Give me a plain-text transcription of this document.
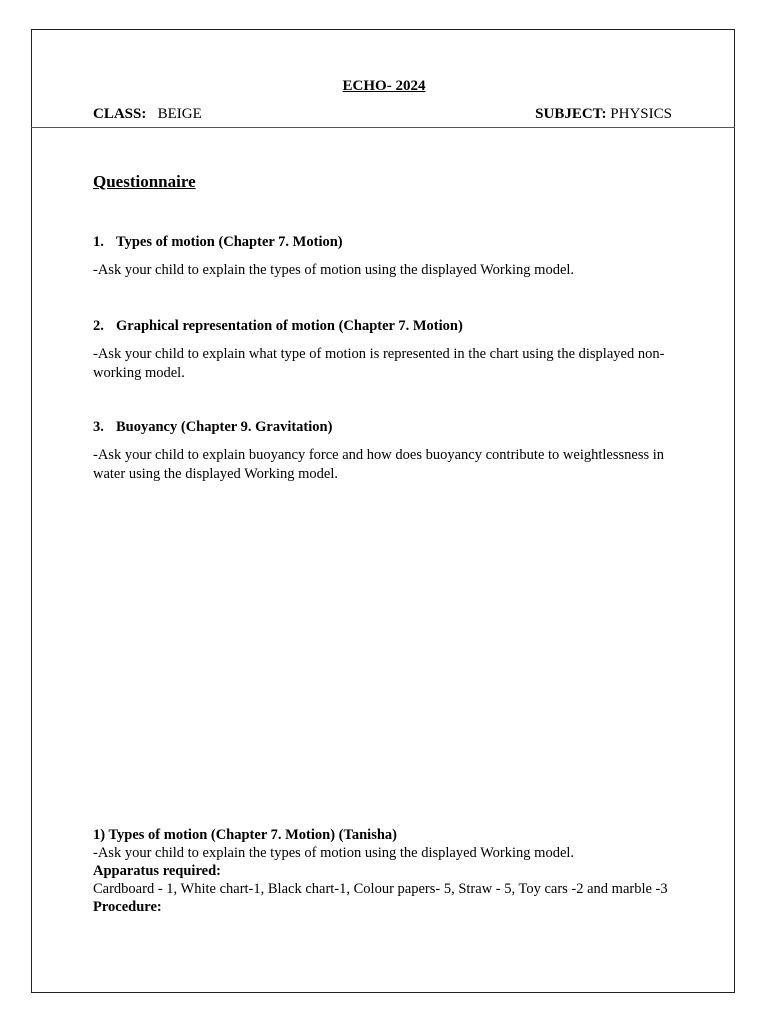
ECHO- 2024
CLASS: BEIGE	SUBJECT: PHYSICS
Questionnaire
1. Types of motion (Chapter 7. Motion)
-Ask your child to explain the types of motion using the displayed Working model.
2. Graphical representation of motion (Chapter 7. Motion)
-Ask your child to explain what type of motion is represented in the chart using the displayed non-working model.
3. Buoyancy (Chapter 9. Gravitation)
-Ask your child to explain buoyancy force and how does buoyancy contribute to weightlessness in water using the displayed Working model.
1) Types of motion (Chapter 7. Motion) (Tanisha)
-Ask your child to explain the types of motion using the displayed Working model.
Apparatus required:
Cardboard - 1, White chart-1, Black chart-1, Colour papers- 5, Straw - 5, Toy cars -2 and marble -3
Procedure:
